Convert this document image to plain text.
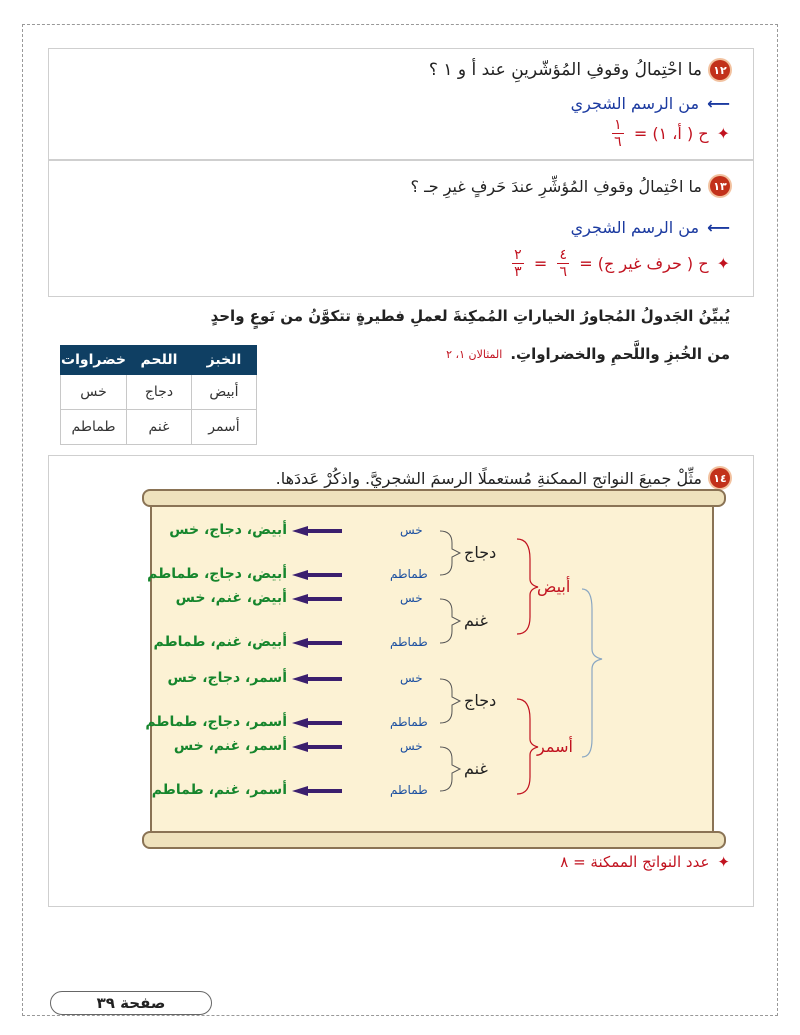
١٢
ما احْتِمالُ وقوفِ المُؤشّرينِ عند أ و ١ ؟
⟵
من الرسم الشجري
✦
ح ( أ، ١) =
$\frac{١}{٦}$
١٣
ما احْتِمالُ وقوفِ المُؤشِّرِ عندَ حَرفٍ غيرِ جـ ؟
⟵
من الرسم الشجري
✦
ح ( حرف غير ج) =
$\frac{٤}{٦}$
=
$\frac{٢}{٣}$
يُبيِّنُ الجَدولُ المُجاورُ الخياراتِ المُمكِنةَ لعملِ فطيرةٍ تتكوَّنُ من نَوعٍ واحدٍ
من الخُبزِ واللَّحمِ والخضراواتِ.
المثالان ١، ٢
الخبز	اللحم	خضراوات
أبيض	دجاج	خس
أسمر	غنم	طماطم
١٤
مثِّلْ جميعَ النواتجِ الممكنةِ مُستعملًا الرسمَ الشجريَّ. واذكُرْ عَددَها.
أبيض
أسمر
دجاج
غنم
دجاج
غنم
خس
طماطم
خس
طماطم
خس
طماطم
خس
طماطم
أبيض، دجاج، خس
أبيض، دجاج، طماطم
أبيض، غنم، خس
أبيض، غنم، طماطم
أسمر، دجاج، خس
أسمر، دجاج، طماطم
أسمر، غنم، خس
أسمر، غنم، طماطم
✦
عدد النواتج الممكنة = ٨
صفحة ٣٩
